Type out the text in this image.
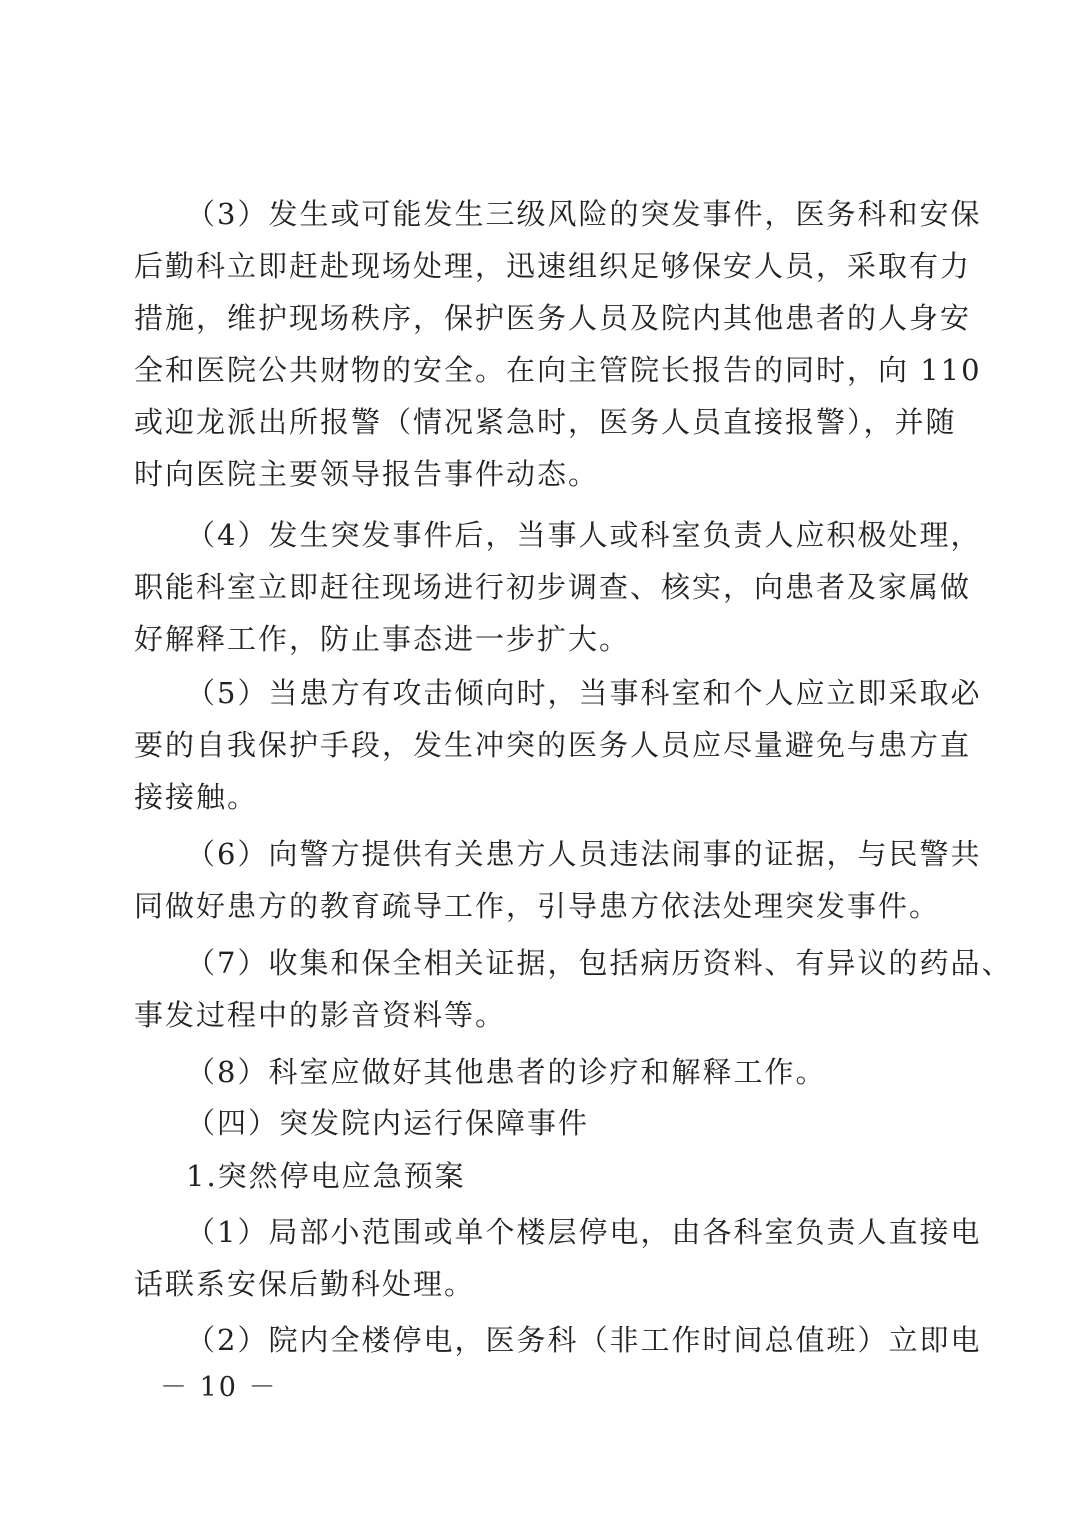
（3）发生或可能发生三级风险的突发事件，医务科和安保
后勤科立即赶赴现场处理，迅速组织足够保安人员，采取有力
措施，维护现场秩序，保护医务人员及院内其他患者的人身安
全和医院公共财物的安全。在向主管院长报告的同时，向 110
或迎龙派出所报警（情况紧急时，医务人员直接报警），并随
时向医院主要领导报告事件动态。
（4）发生突发事件后，当事人或科室负责人应积极处理，
职能科室立即赶往现场进行初步调查、核实，向患者及家属做
好解释工作，防止事态进一步扩大。
（5）当患方有攻击倾向时，当事科室和个人应立即采取必
要的自我保护手段，发生冲突的医务人员应尽量避免与患方直
接接触。
（6）向警方提供有关患方人员违法闹事的证据，与民警共
同做好患方的教育疏导工作，引导患方依法处理突发事件。
（7）收集和保全相关证据，包括病历资料、有异议的药品、
事发过程中的影音资料等。
（8）科室应做好其他患者的诊疗和解释工作。
（四）突发院内运行保障事件
1.突然停电应急预案
（1）局部小范围或单个楼层停电，由各科室负责人直接电
话联系安保后勤科处理。
（2）院内全楼停电，医务科（非工作时间总值班）立即电
－ 10 －
